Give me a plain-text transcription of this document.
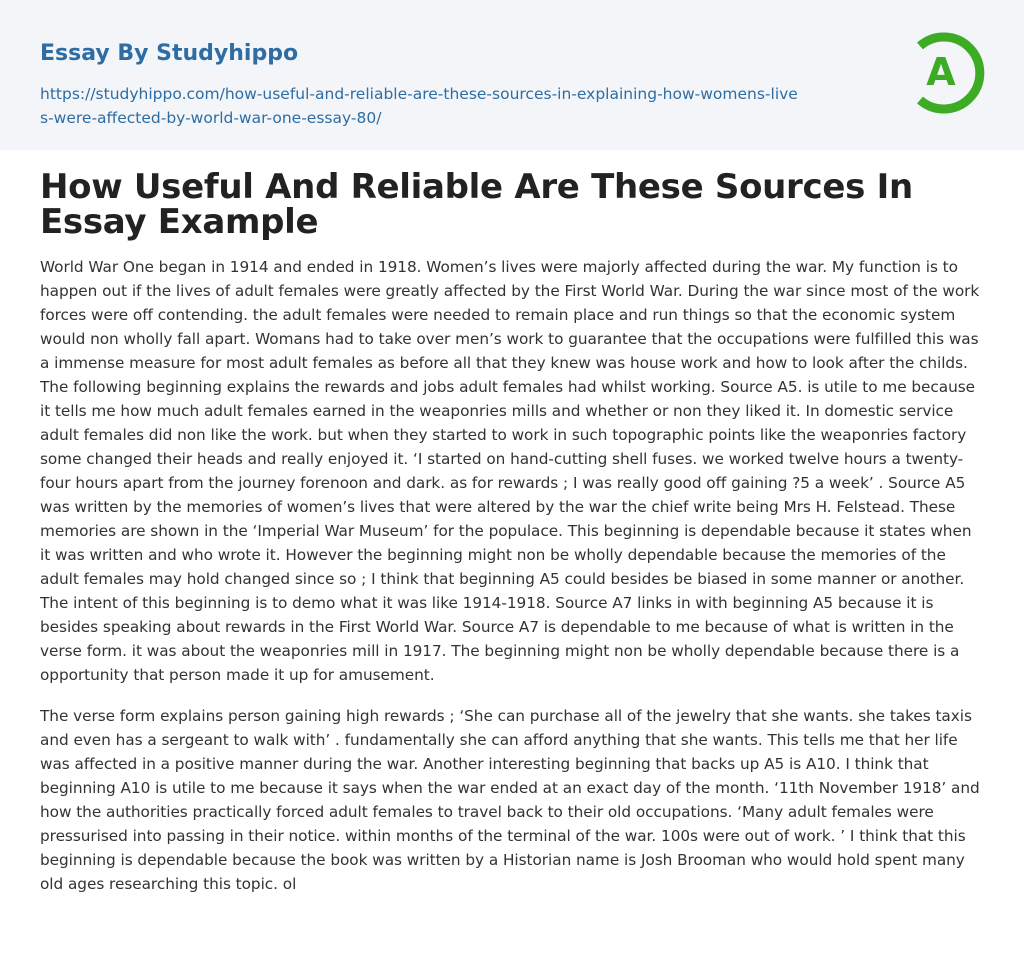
Essay By Studyhippo
https://studyhippo.com/how-useful-and-reliable-are-these-sources-in-explaining-how-womens-lives-were-affected-by-world-war-one-essay-80/
A
How Useful And Reliable Are These Sources In Essay Example

World War One began in 1914 and ended in 1918. Women’s lives were majorly affected during the war. My function is to happen out if the lives of adult females were greatly affected by the First World War. During the war since most of the work forces were off contending. the adult females were needed to remain place and run things so that the economic system would non wholly fall apart. Womans had to take over men’s work to guarantee that the occupations were fulfilled this was a immense measure for most adult females as before all that they knew was house work and how to look after the childs. The following beginning explains the rewards and jobs adult females had whilst working. Source A5. is utile to me because it tells me how much adult females earned in the weaponries mills and whether or non they liked it. In domestic service adult females did non like the work. but when they started to work in such topographic points like the weaponries factory some changed their heads and really enjoyed it. ‘I started on hand-cutting shell fuses. we worked twelve hours a twenty-four hours apart from the journey forenoon and dark. as for rewards ; I was really good off gaining ?5 a week’ . Source A5 was written by the memories of women’s lives that were altered by the war the chief write being Mrs H. Felstead. These memories are shown in the ‘Imperial War Museum’ for the populace. This beginning is dependable because it states when it was written and who wrote it. However the beginning might non be wholly dependable because the memories of the adult females may hold changed since so ; I think that beginning A5 could besides be biased in some manner or another. The intent of this beginning is to demo what it was like 1914-1918. Source A7 links in with beginning A5 because it is besides speaking about rewards in the First World War. Source A7 is dependable to me because of what is written in the verse form. it was about the weaponries mill in 1917. The beginning might non be wholly dependable because there is a opportunity that person made it up for amusement.

The verse form explains person gaining high rewards ; ‘She can purchase all of the jewelry that she wants. she takes taxis and even has a sergeant to walk with’ . fundamentally she can afford anything that she wants. This tells me that her life was affected in a positive manner during the war. Another interesting beginning that backs up A5 is A10. I think that beginning A10 is utile to me because it says when the war ended at an exact day of the month. ‘11th November 1918’ and how the authorities practically forced adult females to travel back to their old occupations. ‘Many adult females were pressurised into passing in their notice. within months of the terminal of the war. 100s were out of work. ’ I think that this beginning is dependable because the book was written by a Historian name is Josh Brooman who would hold spent many old ages researching this topic. ol
